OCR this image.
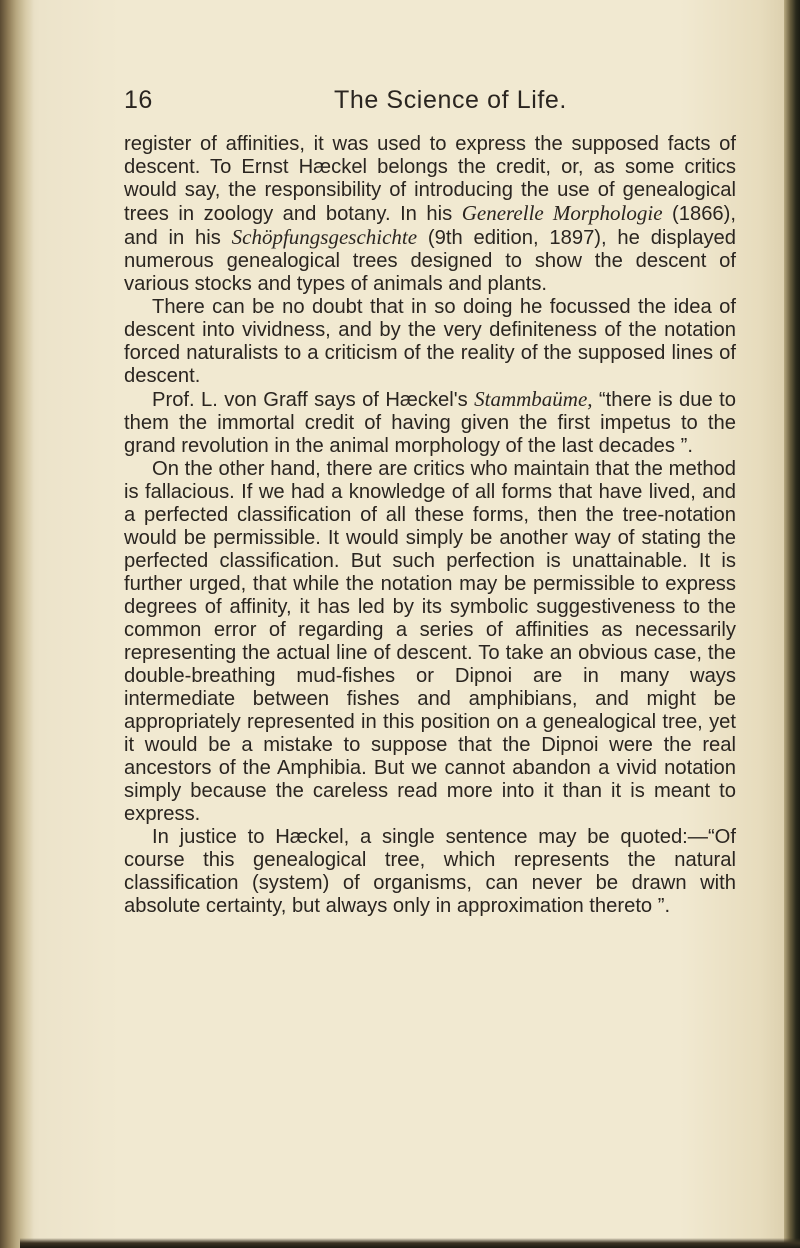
16	The Science of Life.

register of affinities, it was used to express the supposed facts of descent. To Ernst Hæckel belongs the credit, or, as some critics would say, the responsibility of introducing the use of genealogical trees in zoology and botany. In his Generelle Morphologie (1866), and in his Schöpfungsgeschichte (9th edition, 1897), he displayed numerous genealogical trees designed to show the descent of various stocks and types of animals and plants.

There can be no doubt that in so doing he focussed the idea of descent into vividness, and by the very definiteness of the notation forced naturalists to a criticism of the reality of the supposed lines of descent.

Prof. L. von Graff says of Hæckel's Stammbaüme, “there is due to them the immortal credit of having given the first impetus to the grand revolution in the animal morphology of the last decades ”.

On the other hand, there are critics who maintain that the method is fallacious. If we had a knowledge of all forms that have lived, and a perfected classification of all these forms, then the tree-notation would be permissible. It would simply be another way of stating the perfected classification. But such perfection is unattainable. It is further urged, that while the notation may be permissible to express degrees of affinity, it has led by its symbolic suggestiveness to the common error of regarding a series of affinities as necessarily representing the actual line of descent. To take an obvious case, the double-breathing mud-fishes or Dipnoi are in many ways intermediate between fishes and amphibians, and might be appropriately represented in this position on a genealogical tree, yet it would be a mistake to suppose that the Dipnoi were the real ancestors of the Amphibia. But we cannot abandon a vivid notation simply because the careless read more into it than it is meant to express.

In justice to Hæckel, a single sentence may be quoted:—“Of course this genealogical tree, which represents the natural classification (system) of organisms, can never be drawn with absolute certainty, but always only in approximation thereto ”.
